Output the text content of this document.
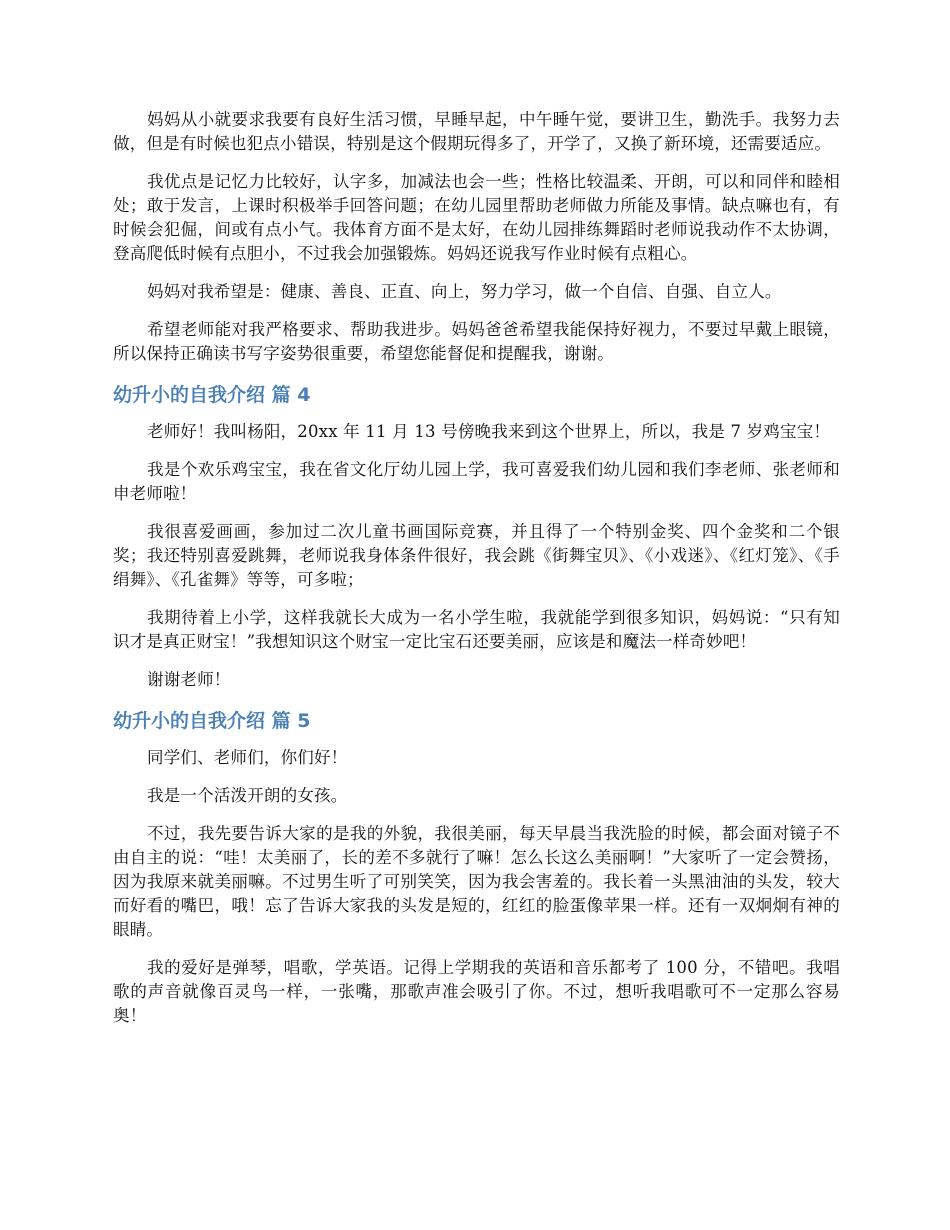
妈妈从小就要求我要有良好生活习惯，早睡早起，中午睡午觉，要讲卫生，勤洗手。我努力去做，但是有时候也犯点小错误，特别是这个假期玩得多了，开学了，又换了新环境，还需要适应。

我优点是记忆力比较好，认字多，加减法也会一些；性格比较温柔、开朗，可以和同伴和睦相处；敢于发言，上课时积极举手回答问题；在幼儿园里帮助老师做力所能及事情。缺点嘛也有，有时候会犯倔，间或有点小气。我体育方面不是太好，在幼儿园排练舞蹈时老师说我动作不太协调，登高爬低时候有点胆小，不过我会加强锻炼。妈妈还说我写作业时候有点粗心。

妈妈对我希望是：健康、善良、正直、向上，努力学习，做一个自信、自强、自立人。

希望老师能对我严格要求、帮助我进步。妈妈爸爸希望我能保持好视力，不要过早戴上眼镜，所以保持正确读书写字姿势很重要，希望您能督促和提醒我，谢谢。

幼升小的自我介绍 篇 4

老师好！我叫杨阳，20xx 年 11 月 13 号傍晚我来到这个世界上，所以，我是 7 岁鸡宝宝！

我是个欢乐鸡宝宝，我在省文化厅幼儿园上学，我可喜爱我们幼儿园和我们李老师、张老师和申老师啦！

我很喜爱画画，参加过二次儿童书画国际竞赛，并且得了一个特别金奖、四个金奖和二个银奖；我还特别喜爱跳舞，老师说我身体条件很好，我会跳《街舞宝贝》、《小戏迷》、《红灯笼》、《手绢舞》、《孔雀舞》等等，可多啦；

我期待着上小学，这样我就长大成为一名小学生啦，我就能学到很多知识，妈妈说：“只有知识才是真正财宝！”我想知识这个财宝一定比宝石还要美丽，应该是和魔法一样奇妙吧！

谢谢老师！

幼升小的自我介绍 篇 5

同学们、老师们，你们好！

我是一个活泼开朗的女孩。

不过，我先要告诉大家的是我的外貌，我很美丽，每天早晨当我洗脸的时候，都会面对镜子不由自主的说：“哇！太美丽了，长的差不多就行了嘛！怎么长这么美丽啊！”大家听了一定会赞扬，因为我原来就美丽嘛。不过男生听了可别笑笑，因为我会害羞的。我长着一头黑油油的头发，较大而好看的嘴巴，哦！忘了告诉大家我的头发是短的，红红的脸蛋像苹果一样。还有一双炯炯有神的眼睛。

我的爱好是弹琴，唱歌，学英语。记得上学期我的英语和音乐都考了 100 分，不错吧。我唱歌的声音就像百灵鸟一样，一张嘴，那歌声准会吸引了你。不过，想听我唱歌可不一定那么容易奥！
